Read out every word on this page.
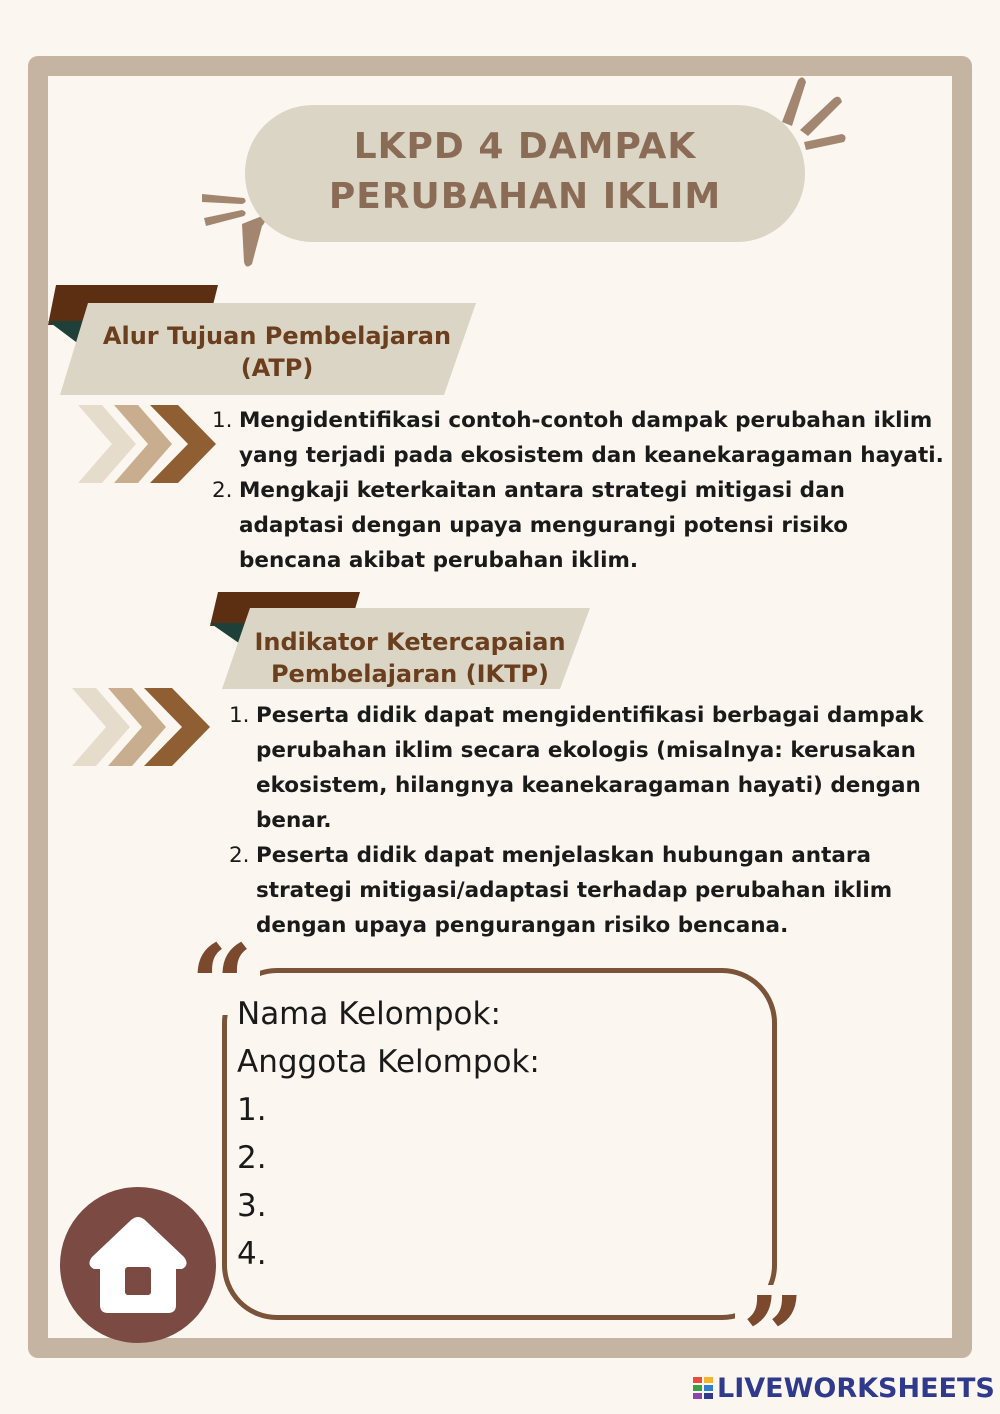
LKPD 4 DAMPAK
PERUBAHAN IKLIM
Alur Tujuan Pembelajaran
(ATP)
1. Mengidentifikasi contoh-contoh dampak perubahan iklim yang terjadi pada ekosistem dan keanekaragaman hayati.
2. Mengkaji keterkaitan antara strategi mitigasi dan adaptasi dengan upaya mengurangi potensi risiko bencana akibat perubahan iklim.
Indikator Ketercapaian
Pembelajaran (IKTP)
1. Peserta didik dapat mengidentifikasi berbagai dampak perubahan iklim secara ekologis (misalnya: kerusakan ekosistem, hilangnya keanekaragaman hayati) dengan benar.
2. Peserta didik dapat menjelaskan hubungan antara strategi mitigasi/adaptasi terhadap perubahan iklim dengan upaya pengurangan risiko bencana.
“
”
Nama Kelompok:
Anggota Kelompok:
1.
2.
3.
4.
LIVEWORKSHEETS
